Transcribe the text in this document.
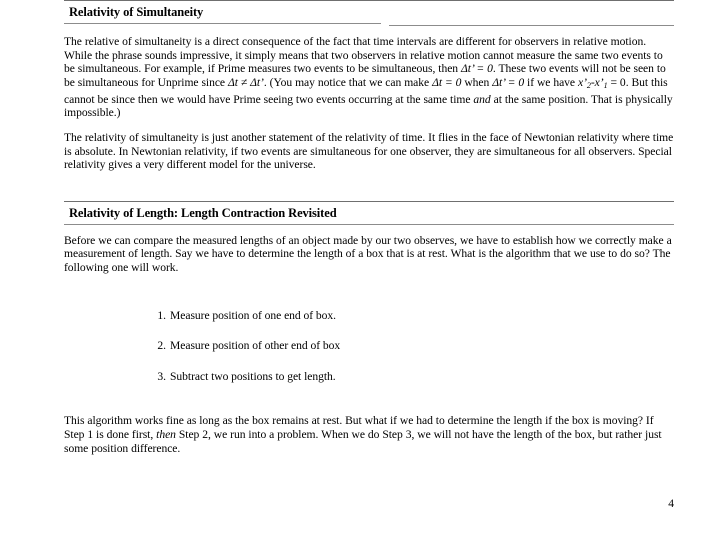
Relativity of Simultaneity

The relative of simultaneity is a direct consequence of the fact that time intervals are different for observers in relative motion. While the phrase sounds impressive, it simply means that two observers in relative motion cannot measure the same two events to be simultaneous. For example, if Prime measures two events to be simultaneous, then Δt’ = 0. These two events will not be seen to be simultaneous for Unprime since Δt ≠ Δt’. (You may notice that we can make Δt = 0 when Δt’ = 0 if we have $x’_2-x’_1 = 0$. But this cannot be since then we would have Prime seeing two events occurring at the same time and at the same position. That is physically impossible.)

The relativity of simultaneity is just another statement of the relativity of time. It flies in the face of Newtonian relativity where time is absolute. In Newtonian relativity, if two events are simultaneous for one observer, they are simultaneous for all observers. Special relativity gives a very different model for the universe.

Relativity of Length: Length Contraction Revisited

Before we can compare the measured lengths of an object made by our two observes, we have to establish how we correctly make a measurement of length. Say we have to determine the length of a box that is at rest. What is the algorithm that we use to do so? The following one will work.

Measure position of one end of box.
Measure position of other end of box
Subtract two positions to get length.

This algorithm works fine as long as the box remains at rest. But what if we had to determine the length if the box is moving? If Step 1 is done first, then Step 2, we run into a problem. When we do Step 3, we will not have the length of the box, but rather just some position difference.

4
